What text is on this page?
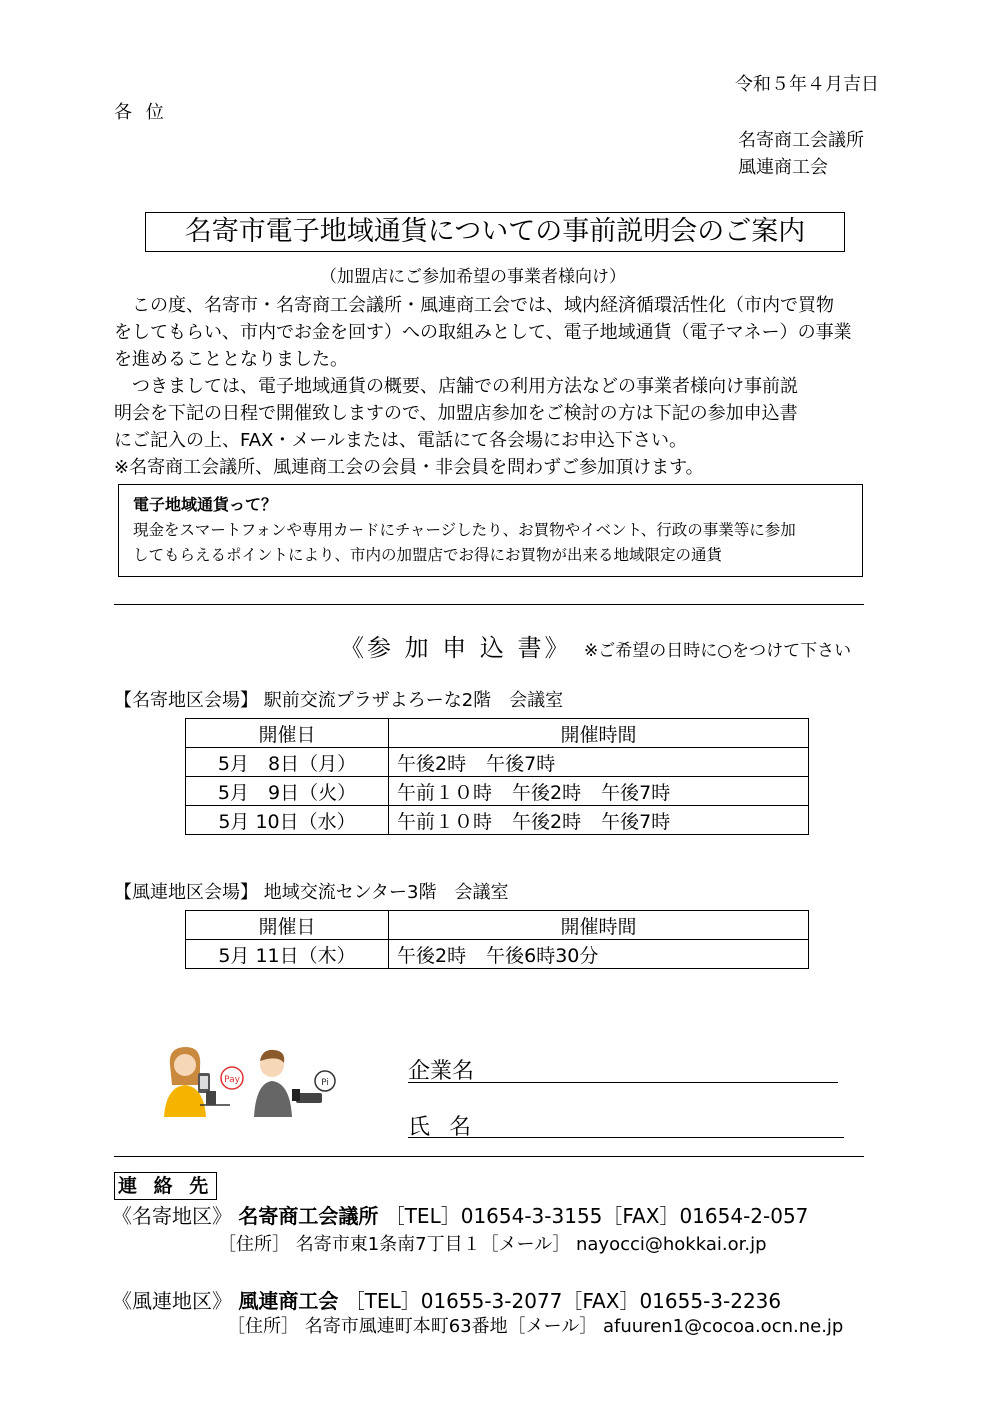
令和５年４月吉日
各 位
名寄商工会議所
風連商工会
名寄市電子地域通貨についての事前説明会のご案内
（加盟店にご参加希望の事業者様向け）
この度、名寄市・名寄商工会議所・風連商工会では、域内経済循環活性化（市内で買物
をしてもらい、市内でお金を回す）への取組みとして、電子地域通貨（電子マネー）の事業
を進めることとなりました。
つきましては、電子地域通貨の概要、店舗での利用方法などの事業者様向け事前説
明会を下記の日程で開催致しますので、加盟店参加をご検討の方は下記の参加申込書
にご記入の上、FAX・メールまたは、電話にて各会場にお申込下さい。
※名寄商工会議所、風連商工会の会員・非会員を問わずご参加頂けます。
電子地域通貨って？
現金をスマートフォンや専用カードにチャージしたり、お買物やイベント、行政の事業等に参加
してもらえるポイントにより、市内の加盟店でお得にお買物が出来る地域限定の通貨
《参 加 申 込 書》 ※ご希望の日時に○をつけて下さい
【名寄地区会場】 駅前交流プラザよろーな2階　会議室
開催日	開催時間
5月　8日（月）	午後2時 午後7時
5月　9日（火）	午前１０時 午後2時 午後7時
5月 10日（水）	午前１０時 午後2時 午後7時
【風連地区会場】 地域交流センター3階　会議室
開催日	開催時間
5月 11日（木）	午後2時 午後6時30分
Pay	Pi	企業名
氏 名
連 絡 先
《名寄地区》 名寄商工会議所 ［TEL］01654-3-3155［FAX］01654-2-057
［住所］ 名寄市東1条南7丁目１［メール］ nayocci@hokkai.or.jp
《風連地区》 風連商工会 ［TEL］01655-3-2077［FAX］01655-3-2236
［住所］ 名寄市風連町本町63番地［メール］ afuuren1@cocoa.ocn.ne.jp
